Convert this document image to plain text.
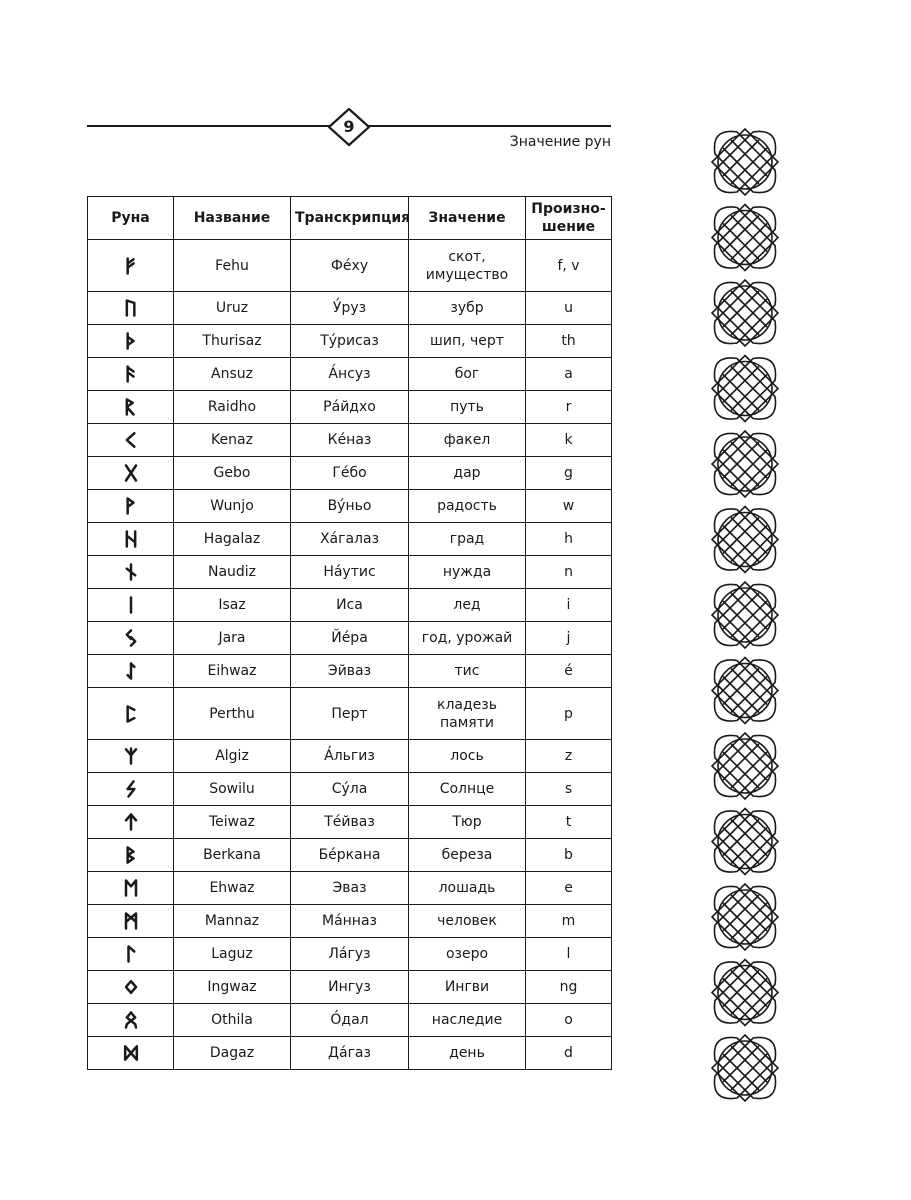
9
Значение рун
Руна	Название	Транскрипция	Значение	Произно-
шение

	Fehu	Фе́ху	скот,
имущество	f, v

	Uruz	У́руз	зубр	u

	Thurisaz	Ту́рисаз	шип, черт	th

	Ansuz	А́нсуз	бог	a

	Raidho	Ра́йдхо	путь	r

	Kenaz	Ке́наз	факел	k

	Gebo	Ге́бо	дар	g

	Wunjo	Ву́ньо	радость	w

	Hagalaz	Ха́галаз	град	h

	Naudiz	На́утис	нужда	n

	Isaz	Иса	лед	i

	Jara	Йе́ра	год, урожай	j

	Eihwaz	Эйваз	тис	é

	Perthu	Перт	кладезь
памяти	p

	Algiz	А́льгиз	лось	z

	Sowilu	Су́ла	Солнце	s

	Teiwaz	Те́йваз	Тюр	t

	Berkana	Бе́ркана	береза	b

	Ehwaz	Эваз	лошадь	e

	Mannaz	Ма́нназ	человек	m

	Laguz	Ла́гуз	озеро	l

	Ingwaz	Ингуз	Ингви	ng

	Othila	О́дал	наследие	o

	Dagaz	Да́газ	день	d
